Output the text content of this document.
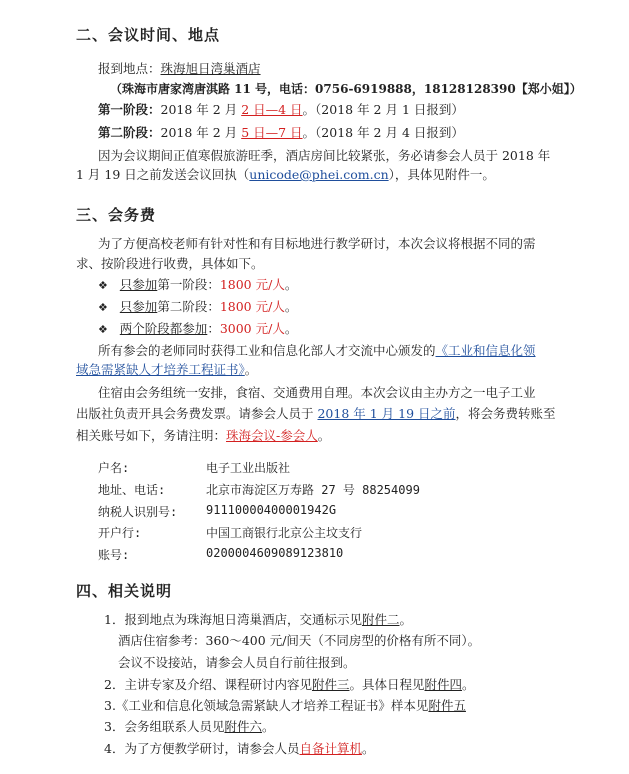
二、会议时间、地点
报到地点：珠海旭日湾巢酒店
（珠海市唐家湾唐淇路 11 号，电话：0756-6919888，18128128390【郑小姐】）
第一阶段：2018 年 2 月 2 日—4 日。（2018 年 2 月 1 日报到）
第二阶段：2018 年 2 月 5 日—7 日。（2018 年 2 月 4 日报到）
因为会议期间正值寒假旅游旺季，酒店房间比较紧张，务必请参会人员于 2018 年
1 月 19 日之前发送会议回执（unicode@phei.com.cn），具体见附件一。
三、会务费
为了方便高校老师有针对性和有目标地进行教学研讨，本次会议将根据不同的需
求、按阶段进行收费，具体如下。
❖ 只参加第一阶段：1800 元/人。
❖ 只参加第二阶段：1800 元/人。
❖ 两个阶段都参加：3000 元/人。
所有参会的老师同时获得工业和信息化部人才交流中心颁发的《工业和信息化领
域急需紧缺人才培养工程证书》。
住宿由会务组统一安排，食宿、交通费用自理。本次会议由主办方之一电子工业
出版社负责开具会务费发票。请参会人员于 2018 年 1 月 19 日之前，将会务费转账至
相关账号如下，务请注明：珠海会议-参会人。
户名:	电子工业出版社
地址、电话:	北京市海淀区万寿路 27 号 88254099
纳税人识别号: 91110000400001942G
开户行:	中国工商银行北京公主坟支行
账号:	0200004609089123810
四、相关说明
1．报到地点为珠海旭日湾巢酒店，交通标示见附件二。
酒店住宿参考：360～400 元/间天（不同房型的价格有所不同）。
会议不设接站，请参会人员自行前往报到。
2．主讲专家及介绍、课程研讨内容见附件三。具体日程见附件四。
3.《工业和信息化领域急需紧缺人才培养工程证书》样本见附件五
3．会务组联系人员见附件六。
4．为了方便教学研讨，请参会人员自备计算机。
